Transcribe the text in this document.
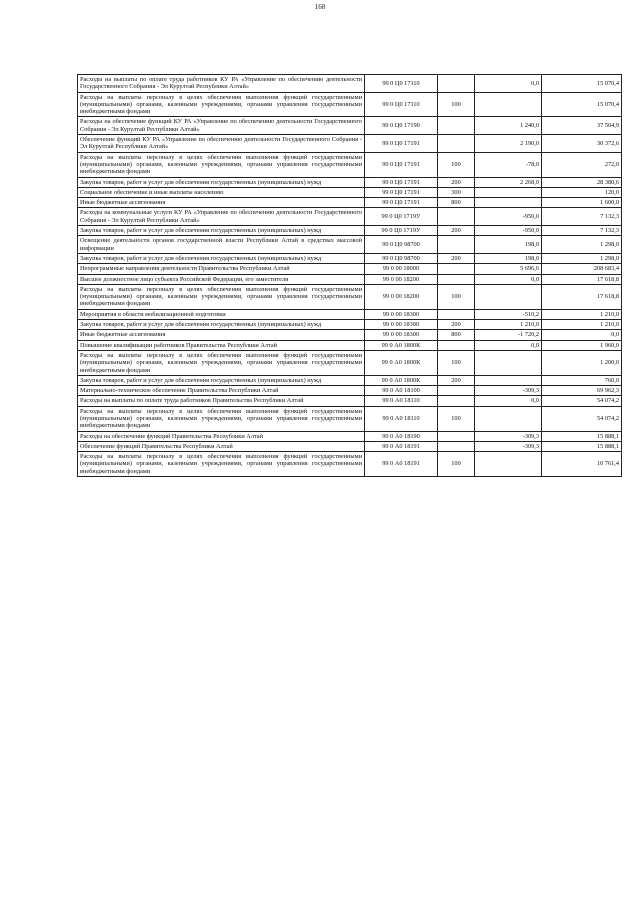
168
Расходы на выплаты по оплате труда работников КУ РА «Управление по обеспечению деятельности Государственного Собрания - Эл Курултай Республики Алтай»	99 0 Ц0 17110		0,0	15 070,4
Расходы на выплаты персоналу в целях обеспечения выполнения функций государственными (муниципальными) органами, казенными учреждениями, органами управления государственными внебюджетными фондами	99 0 Ц0 17110	100		15 070,4
Расходы на обеспечение функций КУ РА «Управление по обеспечению деятельности Государственного Собрания - Эл Курултай Республики Алтай»	99 0 Ц0 17190		1 240,0	37 504,9
Обеспечение функций КУ РА «Управление по обеспечению деятельности Государственного Собрания - Эл Курултай Республики Алтай»	99 0 Ц0 17191		2 190,0	30 372,6
Расходы на выплаты персоналу в целях обеспечения выполнения функций государственными (муниципальными) органами, казенными учреждениями, органами управления государственными внебюджетными фондами	99 0 Ц0 17191	100	-78,0	272,0
Закупка товаров, работ и услуг для обеспечения государственных (муниципальных) нужд	99 0 Ц0 17191	200	2 268,0	28 380,6
Социальное обеспечение и иные выплаты населению	99 0 Ц0 17191	300		120,0
Иные бюджетные ассигнования	99 0 Ц0 17191	800		1 600,0
Расходы на коммунальные услуги КУ РА «Управление по обеспечению деятельности Государственного Собрания - Эл Курултай Республики Алтай»	99 0 Ц0 1719У		-950,0	7 132,3
Закупка товаров, работ и услуг для обеспечения государственных (муниципальных) нужд	99 0 Ц0 1719У	200	-950,0	7 132,3
Освещение деятельности органов государственной власти Республики Алтай в средствах массовой информации	99 0 Ц0 98700		198,0	1 298,0
Закупка товаров, работ и услуг для обеспечения государственных (муниципальных) нужд	99 0 Ц0 98700	200	198,0	1 298,0
Непрограммные направления деятельности Правительства Республики Алтай	99 0 00 18000		5 696,6	208 683,4
Высшее должностное лицо субъекта Российской Федерации, его заместители	99 0 00 18200		0,0	17 618,8
Расходы на выплаты персоналу в целях обеспечения выполнения функций государственными (муниципальными) органами, казенными учреждениями, органами управления государственными внебюджетными фондами	99 0 00 18200	100		17 618,8
Мероприятия в области мобилизационной подготовки	99 0 00 18300		-510,2	1 210,0
Закупка товаров, работ и услуг для обеспечения государственных (муниципальных) нужд	99 0 00 18300	200	1 210,0	1 210,0
Иные бюджетные ассигнования	99 0 00 18300	800	-1 720,2	0,0
Повышение квалификации работников Правительства Республики Алтай	99 0 А0 1800К		0,0	1 960,0
Расходы на выплаты персоналу в целях обеспечения выполнения функций государственными (муниципальными) органами, казенными учреждениями, органами управления государственными внебюджетными фондами	99 0 А0 1800К	100		1 200,0
Закупка товаров, работ и услуг для обеспечения государственных (муниципальных) нужд	99 0 А0 1800К	200		760,0
Материально-техническое обеспечение Правительства Республики Алтай	99 0 А0 18100		-309,3	69 962,3
Расходы на выплаты по оплате труда работников Правительства Республики Алтай	99 0 А0 18110		0,0	54 074,2
Расходы на выплаты персоналу в целях обеспечения выполнения функций государственными (муниципальными) органами, казенными учреждениями, органами управления государственными внебюджетными фондами	99 0 А0 18110	100		54 074,2
Расходы на обеспечение функций Правительства Республики Алтай	99 0 А0 18190		-309,3	15 888,1
Обеспечение функций Правительства Республики Алтай	99 0 А0 18191		-309,3	15 888,1
Расходы на выплаты персоналу в целях обеспечения выполнения функций государственными (муниципальными) органами, казенными учреждениями, органами управления государственными внебюджетными фондами	99 0 А0 18191	100		10 761,4
